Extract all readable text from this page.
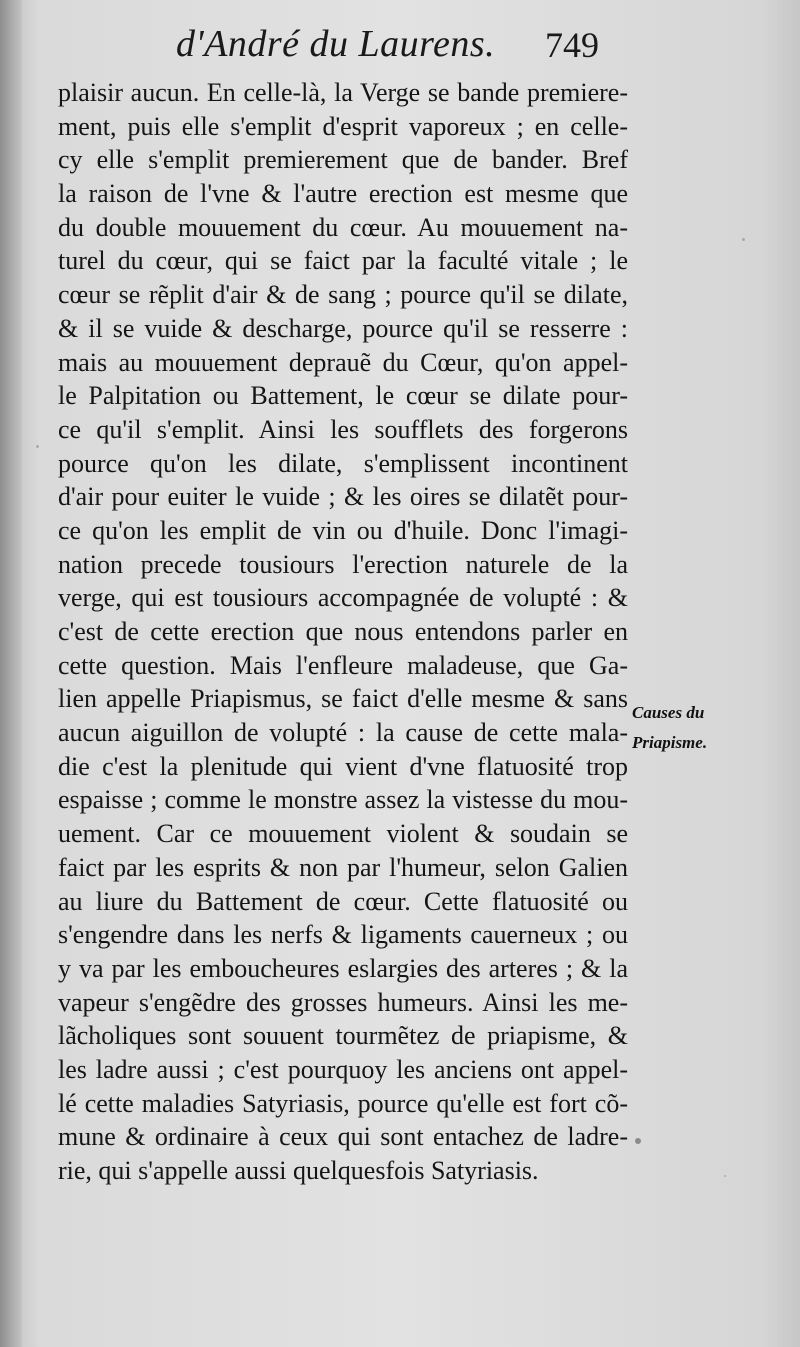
d'André du Laurens. 749
plaisir aucun. En celle-là, la Verge se bande premiere-
ment, puis elle s'emplit d'esprit vaporeux ; en celle-
cy elle s'emplit premierement que de bander. Bref
la raison de l'vne & l'autre erection est mesme que
du double mouuement du cœur. Au mouuement na-
turel du cœur, qui se faict par la faculté vitale ; le
cœur se rẽplit d'air & de sang ; pource qu'il se dilate,
& il se vuide & descharge, pource qu'il se resserre :
mais au mouuement deprauẽ du Cœur, qu'on appel-
le Palpitation ou Battement, le cœur se dilate pour-
ce qu'il s'emplit. Ainsi les soufflets des forgerons
pource qu'on les dilate, s'emplissent incontinent
d'air pour euiter le vuide ; & les oires se dilatẽt pour-
ce qu'on les emplit de vin ou d'huile. Donc l'imagi-
nation precede tousiours l'erection naturele de la
verge, qui est tousiours accompagnée de volupté : &
c'est de cette erection que nous entendons parler en
cette question. Mais l'enfleure maladeuse, que Ga-
lien appelle Priapismus, se faict d'elle mesme & sans
aucun aiguillon de volupté : la cause de cette mala-
die c'est la plenitude qui vient d'vne flatuosité trop
espaisse ; comme le monstre assez la vistesse du mou-
uement. Car ce mouuement violent & soudain se
faict par les esprits & non par l'humeur, selon Galien
au liure du Battement de cœur. Cette flatuosité ou
s'engendre dans les nerfs & ligaments cauerneux ; ou
y va par les emboucheures eslargies des arteres ; & la
vapeur s'engẽdre des grosses humeurs. Ainsi les me-
lãcholiques sont souuent tourmẽtez de priapisme, &
les ladre aussi ; c'est pourquoy les anciens ont appel-
lé cette maladies Satyriasis, pource qu'elle est fort cõ-
mune & ordinaire à ceux qui sont entachez de ladre-
rie, qui s'appelle aussi quelquesfois Satyriasis.
Causes du
Priapisme.
